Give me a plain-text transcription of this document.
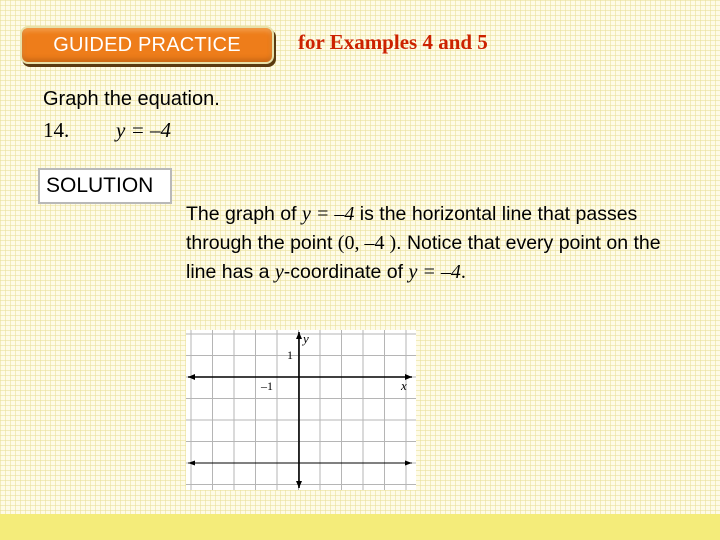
GUIDED PRACTICE	for Examples 4 and 5
Graph the equation.
14. y = –4
SOLUTION
The graph of y = –4 is the horizontal line that passes through the point (0, –4 ). Notice that every point on the line has a y-coordinate of y = –4.
y
x
1
–1
